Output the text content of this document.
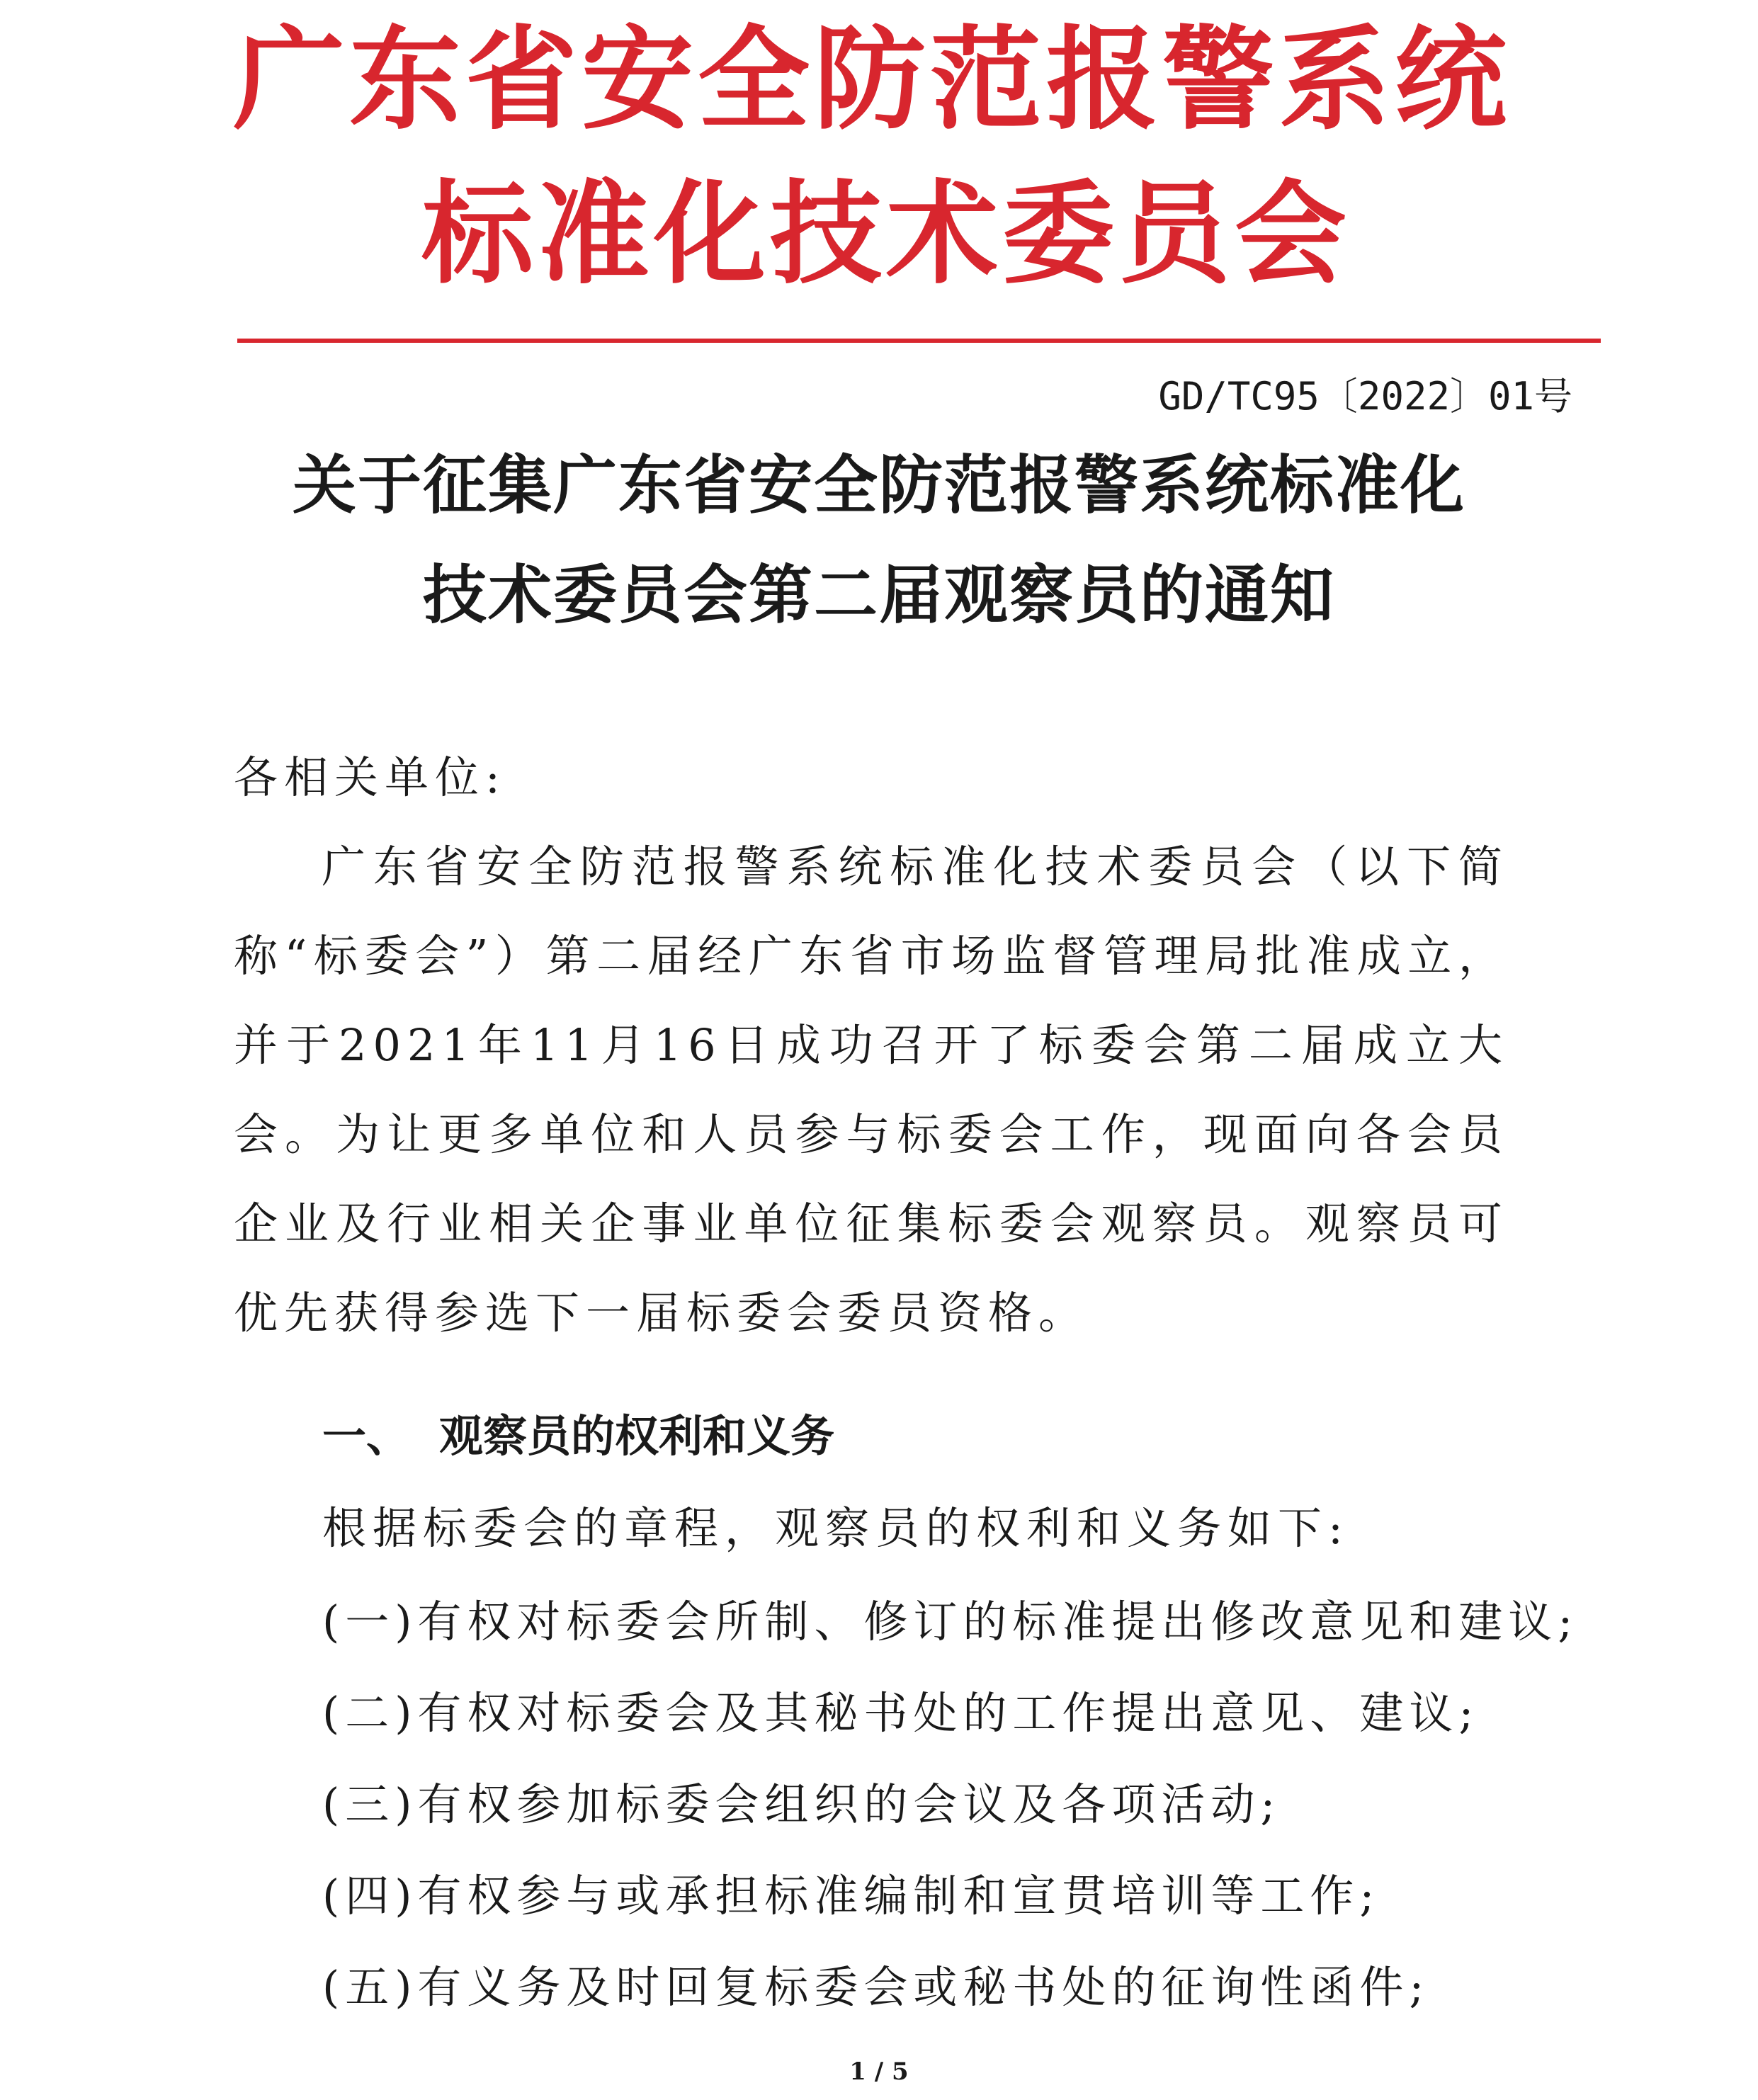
广东省安全防范报警系统
标准化技术委员会
GD/TC95〔2022〕01号
关于征集广东省安全防范报警系统标准化
技术委员会第二届观察员的通知
各相关单位:
广东省安全防范报警系统标准化技术委员会（以下简称“标委会”）第二届经广东省市场监督管理局批准成立，并于2021年11月16日成功召开了标委会第二届成立大会。为让更多单位和人员参与标委会工作，现面向各会员企业及行业相关企事业单位征集标委会观察员。观察员可优先获得参选下一届标委会委员资格。
一、 观察员的权利和义务
根据标委会的章程，观察员的权利和义务如下:
(一)有权对标委会所制、修订的标准提出修改意见和建议;
(二)有权对标委会及其秘书处的工作提出意见、建议;
(三)有权参加标委会组织的会议及各项活动;
(四)有权参与或承担标准编制和宣贯培训等工作;
(五)有义务及时回复标委会或秘书处的征询性函件;
1 / 5
